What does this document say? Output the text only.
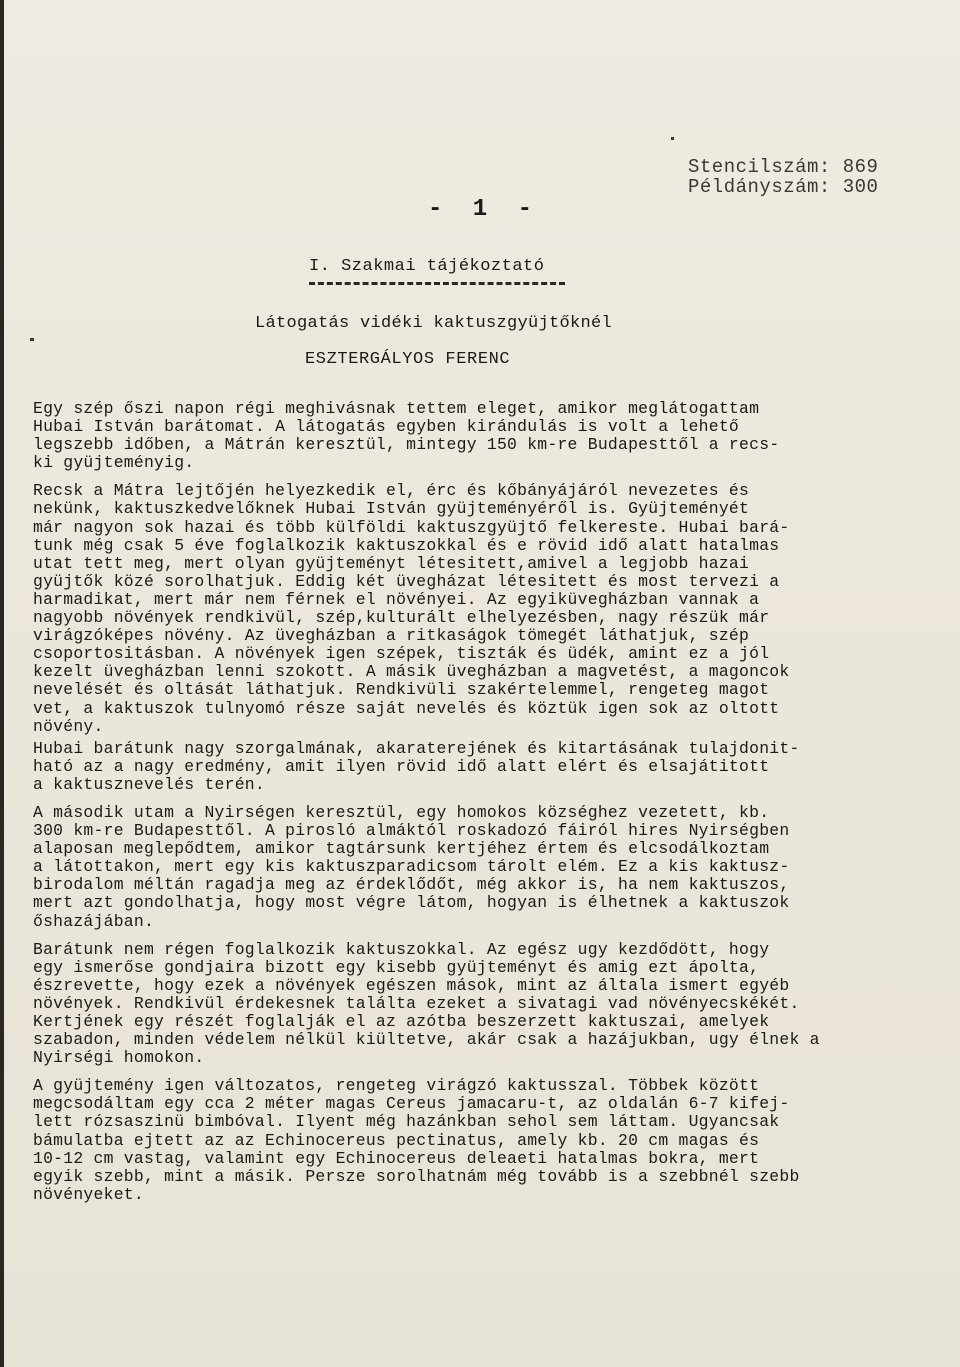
Stencilszám: 869
Példányszám: 300
- 1 -
I. Szakmai tájékoztató
Látogatás vidéki kaktuszgyüjtőknél
ESZTERGÁLYOS FERENC
Egy szép őszi napon régi meghivásnak tettem eleget, amikor meglátogattam
Hubai István barátomat. A látogatás egyben kirándulás is volt a lehető
legszebb időben, a Mátrán keresztül, mintegy 150 km-re Budapesttől a recs-
ki gyüjteményig.
Recsk a Mátra lejtőjén helyezkedik el, érc és kőbányájáról nevezetes és
nekünk, kaktuszkedvelőknek Hubai István gyüjteményéről is. Gyüjteményét
már nagyon sok hazai és több külföldi kaktuszgyüjtő felkereste. Hubai bará-
tunk még csak 5 éve foglalkozik kaktuszokkal és e rövid idő alatt hatalmas
utat tett meg, mert olyan gyüjteményt létesitett,amivel a legjobb hazai
gyüjtők közé sorolhatjuk. Eddig két üvegházat létesitett és most tervezi a
harmadikat, mert már nem férnek el növényei. Az egyiküvegházban vannak a
nagyobb növények rendkivül, szép,kulturált elhelyezésben, nagy részük már
virágzóképes növény. Az üvegházban a ritkaságok tömegét láthatjuk, szép
csoportositásban. A növények igen szépek, tiszták és üdék, amint ez a jól
kezelt üvegházban lenni szokott. A másik üvegházban a magvetést, a magoncok
nevelését és oltását láthatjuk. Rendkivüli szakértelemmel, rengeteg magot
vet, a kaktuszok tulnyomó része saját nevelés és köztük igen sok az oltott
növény.
Hubai barátunk nagy szorgalmának, akaraterejének és kitartásának tulajdonit-
ható az a nagy eredmény, amit ilyen rövid idő alatt elért és elsajátitott
a kaktusznevelés terén.
A második utam a Nyirségen keresztül, egy homokos községhez vezetett, kb.
300 km-re Budapesttől. A pirosló almáktól roskadozó fáiról hires Nyirségben
alaposan meglepődtem, amikor tagtársunk kertjéhez értem és elcsodálkoztam
a látottakon, mert egy kis kaktuszparadicsom tárolt elém. Ez a kis kaktusz-
birodalom méltán ragadja meg az érdeklődőt, még akkor is, ha nem kaktuszos,
mert azt gondolhatja, hogy most végre látom, hogyan is élhetnek a kaktuszok
őshazájában.
Barátunk nem régen foglalkozik kaktuszokkal. Az egész ugy kezdődött, hogy
egy ismerőse gondjaira bizott egy kisebb gyüjteményt és amig ezt ápolta,
észrevette, hogy ezek a növények egészen mások, mint az általa ismert egyéb
növények. Rendkivül érdekesnek találta ezeket a sivatagi vad növényecskékét.
Kertjének egy részét foglalják el az azótba beszerzett kaktuszai, amelyek
szabadon, minden védelem nélkül kiültetve, akár csak a hazájukban, ugy élnek a
Nyirségi homokon.
A gyüjtemény igen változatos, rengeteg virágzó kaktusszal. Többek között
megcsodáltam egy cca 2 méter magas Cereus jamacaru-t, az oldalán 6-7 kifej-
lett rózsaszinü bimbóval. Ilyent még hazánkban sehol sem láttam. Ugyancsak
bámulatba ejtett az az Echinocereus pectinatus, amely kb. 20 cm magas és
10-12 cm vastag, valamint egy Echinocereus deleaeti hatalmas bokra, mert
egyik szebb, mint a másik. Persze sorolhatnám még tovább is a szebbnél szebb
növényeket.
